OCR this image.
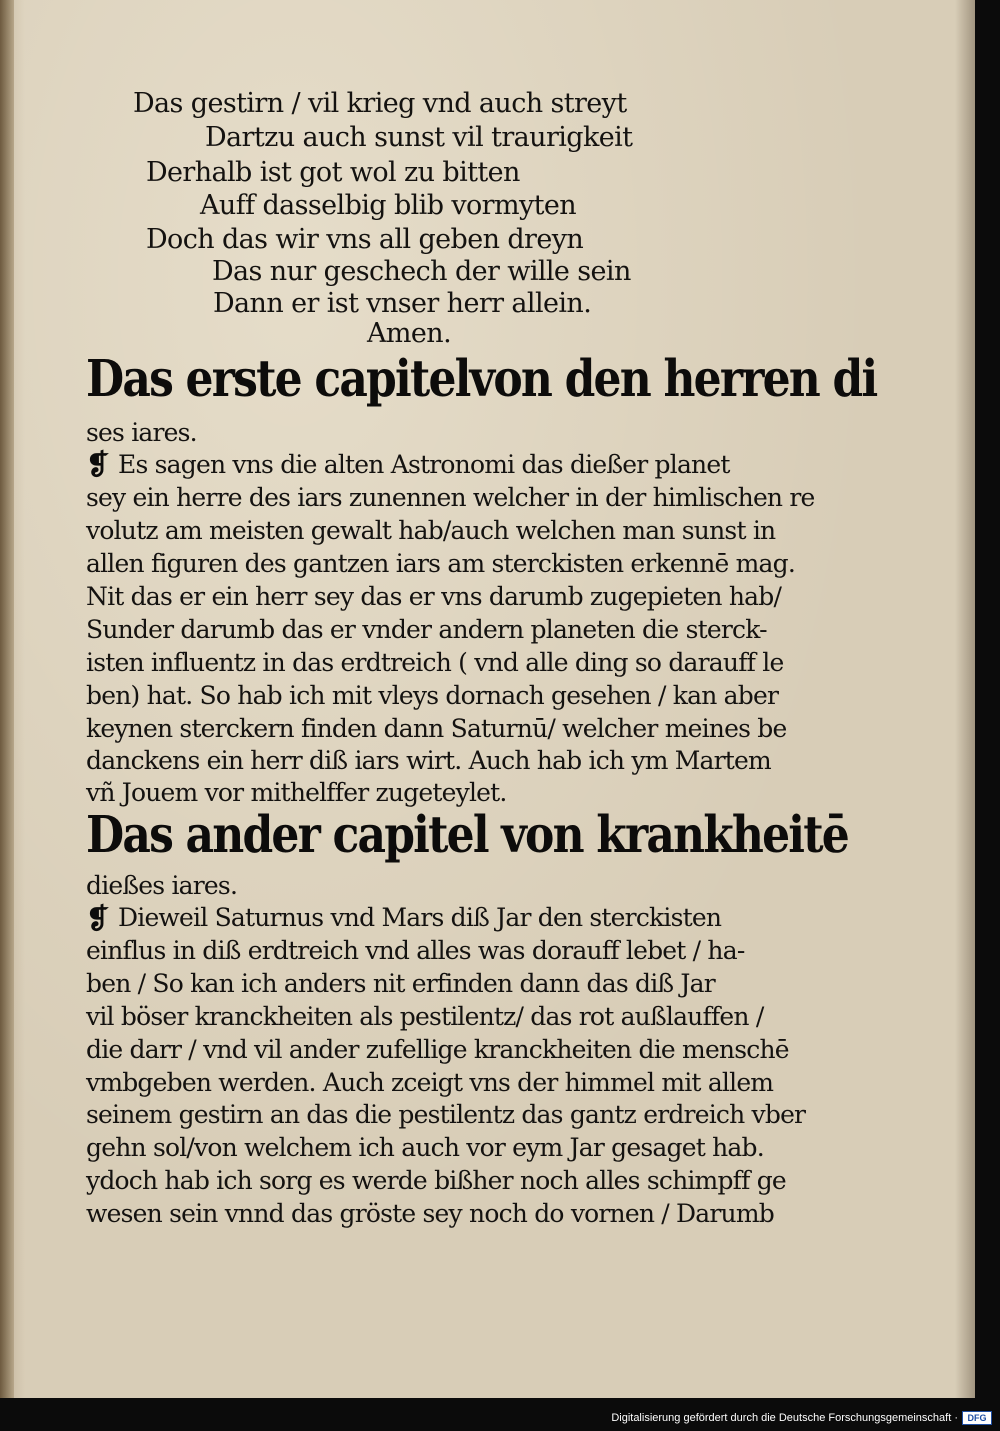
Das gestirn / vil krieg vnd auch streyt
Dartzu auch sunst vil traurigkeit
Derhalb ist got wol zu bitten
Auff dasselbig blib vormyten
Doch das wir vns all geben dreyn
Das nur geschech der wille sein
Dann er ist vnser herr allein.
Amen.
Das erste capitelvon den herren di
ses iares.
❡ Es sagen vns die alten Astronomi das dießer planet
sey ein herre des iars zunennen welcher in der himlischen re
volutz am meisten gewalt hab/auch welchen man sunst in
allen figuren des gantzen iars am sterckisten erkennē mag.
Nit das er ein herr sey das er vns darumb zugepieten hab/
Sunder darumb das er vnder andern planeten die sterck-
isten influentz in das erdtreich ( vnd alle ding so darauff le
ben) hat. So hab ich mit vleys dornach gesehen / kan aber
keynen sterckern finden dann Saturnū/ welcher meines be
danckens ein herr diß iars wirt. Auch hab ich ym Martem
vñ Jouem vor mithelffer zugeteylet.
Das ander capitel von krankheitē
dießes iares.
❡ Dieweil Saturnus vnd Mars diß Jar den sterckisten
einflus in diß erdtreich vnd alles was dorauff lebet / ha-
ben / So kan ich anders nit erfinden dann das diß Jar
vil böser kranckheiten als pestilentz/ das rot außlauffen /
die darr / vnd vil ander zufellige kranckheiten die menschē
vmbgeben werden. Auch zceigt vns der himmel mit allem
seinem gestirn an das die pestilentz das gantz erdreich vber
gehn sol/von welchem ich auch vor eym Jar gesaget hab.
ydoch hab ich sorg es werde bißher noch alles schimpff ge
wesen sein vnnd das gröste sey noch do vornen / Darumb
Digitalisierung gefördert durch die Deutsche Forschungsgemeinschaft ·	DFG
